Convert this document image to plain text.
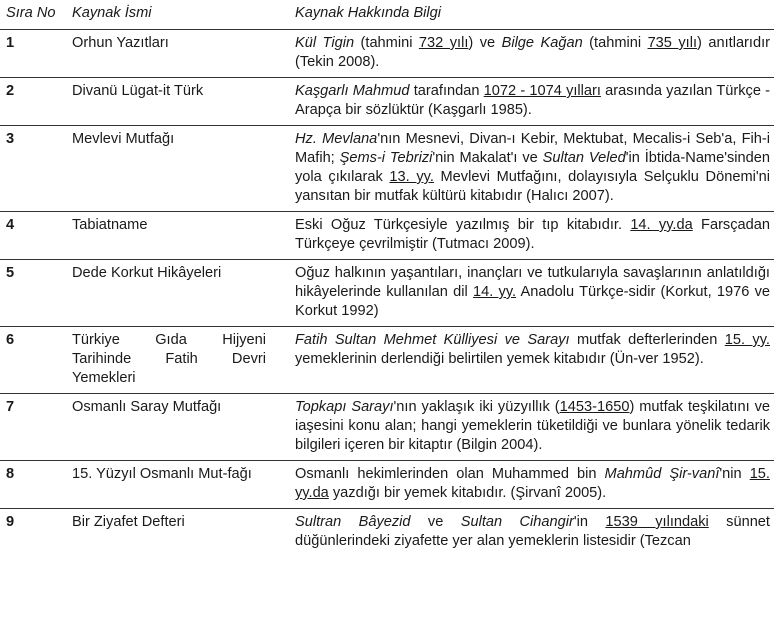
Sıra No	Kaynak İsmi	Kaynak Hakkında Bilgi
1	Orhun Yazıtları	Kül Tigin (tahmini 732 yılı) ve Bilge Kağan (tahmini 735 yılı) anıtlarıdır (Tekin 2008).
2	Divanü Lügat-it Türk	Kaşgarlı Mahmud tarafından 1072 - 1074 yılları arasında yazılan Türkçe - Arapça bir sözlüktür (Kaşgarlı 1985).
3	Mevlevi Mutfağı	Hz. Mevlana'nın Mesnevi, Divan-ı Kebir, Mektubat, Mecalis-i Seb'a, Fih-i Mafih; Şems-i Tebrizi'nin Makalat'ı ve Sultan Veled'in İbtida-Name'sinden yola çıkılarak 13. yy. Mevlevi Mutfağını, dolayısıyla Selçuklu Dönemi'ni yansıtan bir mutfak kültürü kitabıdır (Halıcı 2007).
4	Tabiatname	Eski Oğuz Türkçesiyle yazılmış bir tıp kitabıdır. 14. yy.da Farsçadan Türkçeye çevrilmiştir (Tutmacı 2009).
5	Dede Korkut Hikâyeleri	Oğuz halkının yaşantıları, inançları ve tutkularıyla savaşlarının anlatıldığı hikâyelerinde kullanılan dil 14. yy. Anadolu Türkçe-sidir (Korkut, 1976 ve Korkut 1992)
6	Türkiye Gıda Hijyeni Tarihinde Fatih Devri Yemekleri	Fatih Sultan Mehmet Külliyesi ve Sarayı mutfak defterlerinden 15. yy. yemeklerinin derlendiği belirtilen yemek kitabıdır (Ün-ver 1952).
7	Osmanlı Saray Mutfağı	Topkapı Sarayı'nın yaklaşık iki yüzyıllık (1453-1650) mutfak teşkilatını ve iaşesini konu alan; hangi yemeklerin tüketildiği ve bunlara yönelik tedarik bilgileri içeren bir kitaptır (Bilgin 2004).
8	15. Yüzyıl Osmanlı Mut-fağı	Osmanlı hekimlerinden olan Muhammed bin Mahmûd Şir-vanî'nin 15. yy.da yazdığı bir yemek kitabıdır. (Şirvanî 2005).
9	Bir Ziyafet Defteri	Sultran Bâyezid ve Sultan Cihangir'in 1539 yılındaki sünnet düğünlerindeki ziyafette yer alan yemeklerin listesidir (Tezcan
